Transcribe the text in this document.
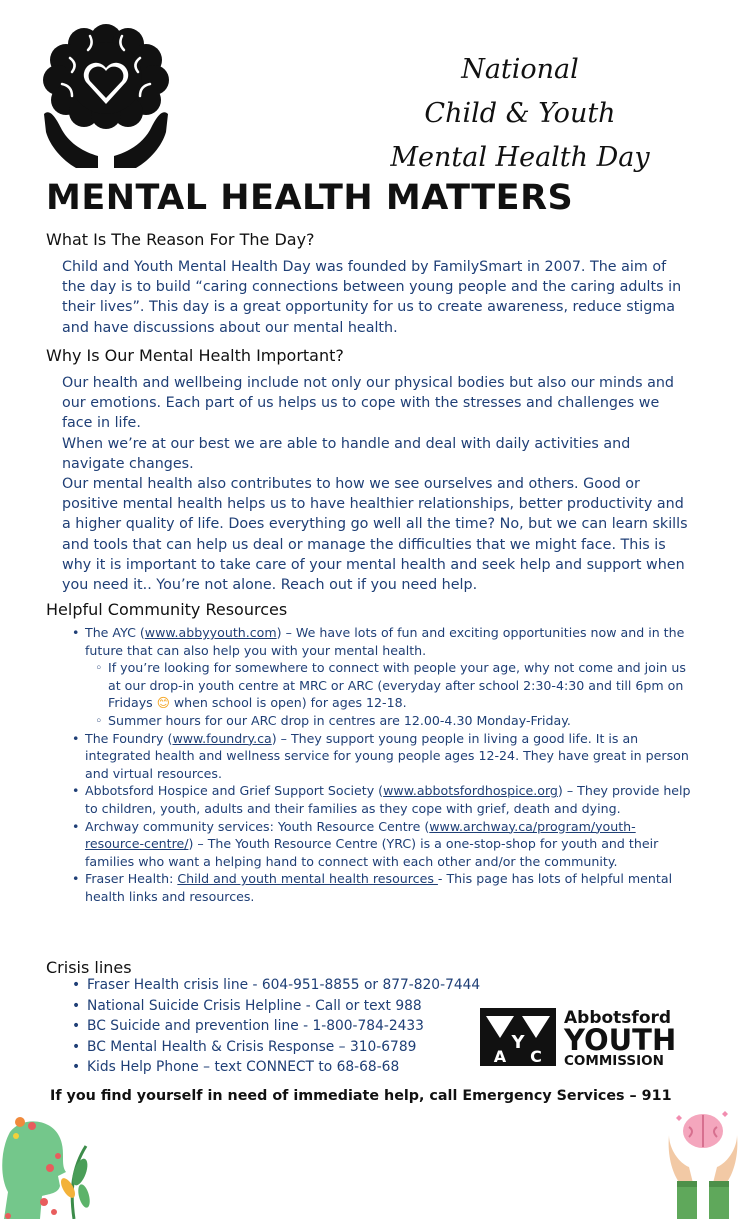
National
Child & Youth
Mental Health Day
MENTAL HEALTH MATTERS
What Is The Reason For The Day?

Child and Youth Mental Health Day was founded by FamilySmart in 2007. The aim of the day is to build “caring connections between young people and the caring adults in their lives”. This day is a great opportunity for us to create awareness, reduce stigma and have discussions about our mental health.

Why Is Our Mental Health Important?

Our health and wellbeing include not only our physical bodies but also our minds and our emotions. Each part of us helps us to cope with the stresses and challenges we face in life.

When we’re at our best we are able to handle and deal with daily activities and navigate changes.

Our mental health also contributes to how we see ourselves and others. Good or positive mental health helps us to have healthier relationships, better productivity and a higher quality of life. Does everything go well all the time? No, but we can learn skills and tools that can help us deal or manage the difficulties that we might face. This is why it is important to take care of your mental health and seek help and support when you need it.. You’re not alone. Reach out if you need help.

Helpful Community Resources
• The AYC (www.abbyyouth.com) – We have lots of fun and exciting opportunities now and in the future that can also help you with your mental health.
◦ If you’re looking for somewhere to connect with people your age, why not come and join us at our drop-in youth centre at MRC or ARC (everyday after school 2:30-4:30 and till 6pm on Fridays 😊 when school is open) for ages 12-18.
◦ Summer hours for our ARC drop in centres are 12.00-4.30 Monday-Friday.
• The Foundry (www.foundry.ca) – They support young people in living a good life. It is an integrated health and wellness service for young people ages 12-24. They have great in person and virtual resources.
• Abbotsford Hospice and Grief Support Society (www.abbotsfordhospice.org) – They provide help to children, youth, adults and their families as they cope with grief, death and dying.
• Archway community services: Youth Resource Centre (www.archway.ca/program/youth-resource-centre/) – The Youth Resource Centre (YRC) is a one-stop-shop for youth and their families who want a helping hand to connect with each other and/or the community.
• Fraser Health: Child and youth mental health resources - This page has lots of helpful mental health links and resources.
Crisis lines
• Fraser Health crisis line - 604-951-8855 or 877-820-7444
• National Suicide Crisis Helpline - Call or text 988
• BC Suicide and prevention line - 1-800-784-2433
• BC Mental Health & Crisis Response – 310-6789
• Kids Help Phone – text CONNECT to 68-68-68
Y
A C
Abbotsford
YOUTH
COMMISSION
If you find yourself in need of immediate help, call Emergency Services – 911
